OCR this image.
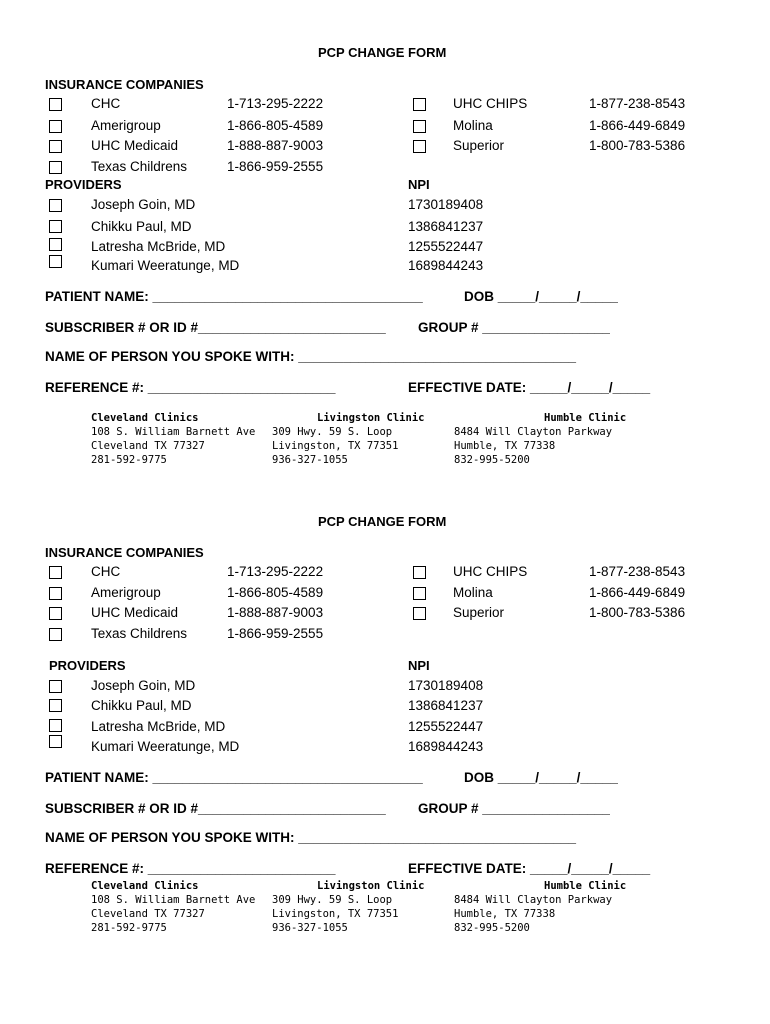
PCP CHANGE FORM
INSURANCE COMPANIES
CHC	1-713-295-2222
Amerigroup	1-866-805-4589
UHC Medicaid	1-888-887-9003
Texas Childrens	1-866-959-2555
UHC CHIPS	1-877-238-8543
Molina	1-866-449-6849
Superior	1-800-783-5386
PROVIDERS	NPI
Joseph Goin, MD	1730189408
Chikku Paul, MD	1386841237
Latresha McBride, MD	1255522447
Kumari Weeratunge, MD	1689844243
PATIENT NAME: ____________________________________	DOB _____/_____/_____
SUBSCRIBER # OR ID #_________________________ GROUP # _________________
NAME OF PERSON YOU SPOKE WITH: _____________________________________
REFERENCE #: _________________________	EFFECTIVE DATE: _____/_____/_____
Cleveland Clinics
108 S. William Barnett Ave
Cleveland TX 77327
281-592-9775
Livingston Clinic
309 Hwy. 59 S. Loop
Livingston, TX 77351
936-327-1055
Humble Clinic
8484 Will Clayton Parkway
Humble, TX 77338
832-995-5200
PCP CHANGE FORM
INSURANCE COMPANIES
CHC	1-713-295-2222
Amerigroup	1-866-805-4589
UHC Medicaid	1-888-887-9003
Texas Childrens	1-866-959-2555
UHC CHIPS	1-877-238-8543
Molina	1-866-449-6849
Superior	1-800-783-5386
PROVIDERS	NPI
Joseph Goin, MD	1730189408
Chikku Paul, MD	1386841237
Latresha McBride, MD	1255522447
Kumari Weeratunge, MD	1689844243
PATIENT NAME: ____________________________________	DOB _____/_____/_____
SUBSCRIBER # OR ID #_________________________ GROUP # _________________
NAME OF PERSON YOU SPOKE WITH: _____________________________________
REFERENCE #: _________________________	EFFECTIVE DATE: _____/_____/_____
Cleveland Clinics
108 S. William Barnett Ave
Cleveland TX 77327
281-592-9775
Livingston Clinic
309 Hwy. 59 S. Loop
Livingston, TX 77351
936-327-1055
Humble Clinic
8484 Will Clayton Parkway
Humble, TX 77338
832-995-5200
